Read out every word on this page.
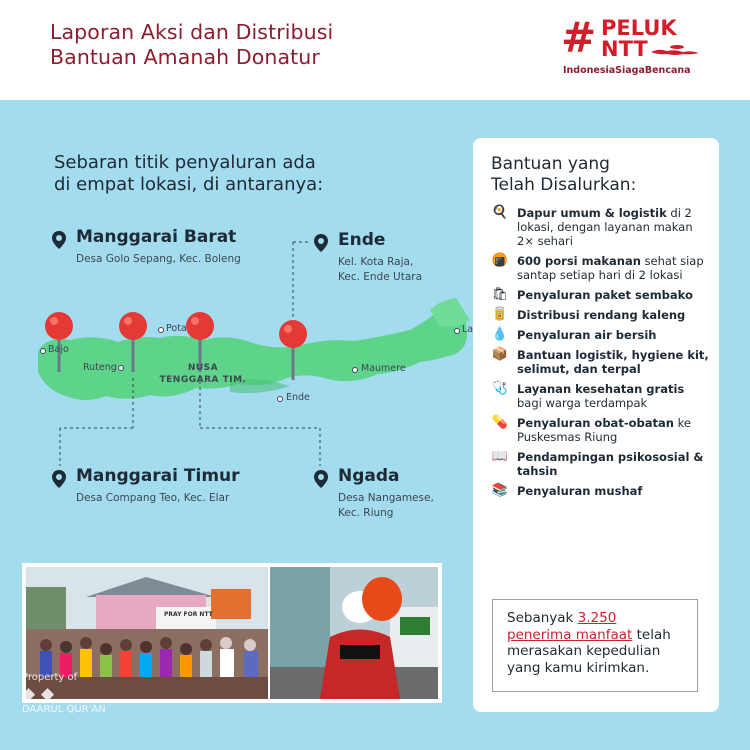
Laporan Aksi dan Distribusi
Bantuan Amanah Donatur	# PELUK
NTT
IndonesiaSiagaBencana
Bajo
Pota
Ruteng	Maumere
Ende
La
NUSA
TENGGARA TIM.
Sebaran titik penyaluran ada
di empat lokasi, di antaranya:
Manggarai Barat
Desa Golo Sepang, Kec. Boleng
Ende
Kel. Kota Raja,
Kec. Ende Utara
Manggarai Timur
Desa Compang Teo, Kec. Elar
Ngada
Desa Nangamese,
Kec. Riung
Bantuan yang
Telah Disalurkan:
🍳 Dapur umum & logistik di 2 lokasi, dengan layanan makan 2× sehari
🍘 600 porsi makanan sehat siap santap setiap hari di 2 lokasi
🛍 Penyaluran paket sembako
🥫 Distribusi rendang kaleng
💧 Penyaluran air bersih
📦 Bantuan logistik, hygiene kit, selimut, dan terpal
🩺 Layanan kesehatan gratis bagi warga terdampak
💊 Penyaluran obat-obatan ke Puskesmas Riung
📖 Pendampingan psikososial & tahsin
📚 Penyaluran mushaf
Sebanyak 3.250 penerima manfaat telah merasakan kepedulian yang kamu kirimkan.
PRAY FOR NTT
Property of
◆ ◆
DAARUL QUR'AN
